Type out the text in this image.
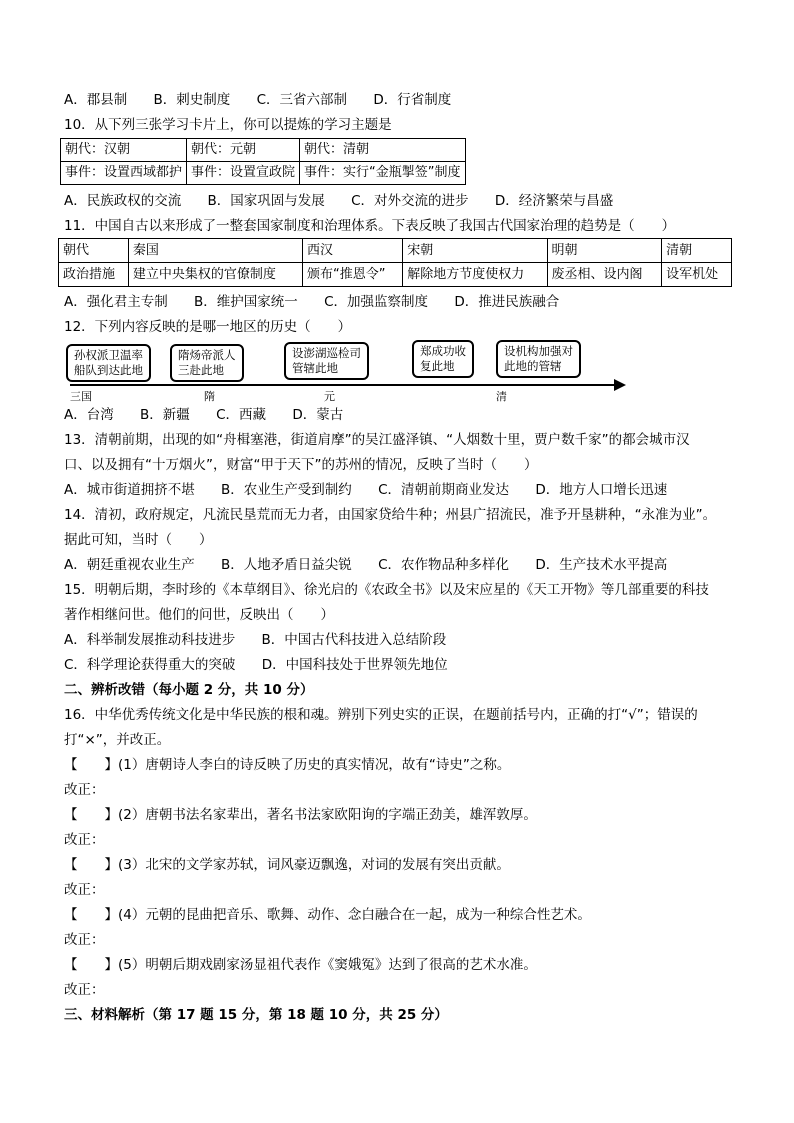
A．郡县制 B．刺史制度 C．三省六部制 D．行省制度
10．从下列三张学习卡片上，你可以提炼的学习主题是
朝代：汉朝	朝代：元朝	朝代：清朝
事件：设置西域都护	事件：设置宣政院	事件：实行“金瓶掣签”制度
A．民族政权的交流 B．国家巩固与发展 C．对外交流的进步 D．经济繁荣与昌盛
11．中国自古以来形成了一整套国家制度和治理体系。下表反映了我国古代国家治理的趋势是（　　）
朝代	秦国	西汉	宋朝	明朝	清朝
政治措施	建立中央集权的官僚制度	颁布“推恩令”	解除地方节度使权力	废丞相、设内阁	设军机处
A．强化君主专制 B．维护国家统一 C．加强监察制度 D．推进民族融合
12．下列内容反映的是哪一地区的历史（　　）
孙权派卫温率
船队到达此地
隋炀帝派人
三赴此地
设澎湖巡检司
管辖此地
郑成功收
复此地
设机构加强对
此地的管辖
三国	隋	元	清
A．台湾 B．新疆 C．西藏 D．蒙古
13．清朝前期，出现的如“舟楫塞港，街道肩摩”的吴江盛泽镇、“人烟数十里，贾户数千家”的都会城市汉
口、以及拥有“十万烟火”，财富“甲于天下”的苏州的情况，反映了当时（　　）
A．城市街道拥挤不堪 B．农业生产受到制约 C．清朝前期商业发达 D．地方人口增长迅速
14．清初，政府规定，凡流民垦荒而无力者，由国家贷给牛种；州县广招流民，准予开垦耕种，“永准为业”。
据此可知，当时（　　）
A．朝廷重视农业生产 B．人地矛盾日益尖锐 C．农作物品种多样化 D．生产技术水平提高
15．明朝后期，李时珍的《本草纲目》、徐光启的《农政全书》以及宋应星的《天工开物》等几部重要的科技
著作相继问世。他们的问世，反映出（　　）
A．科举制发展推动科技进步 B．中国古代科技进入总结阶段
C．科学理论获得重大的突破 D．中国科技处于世界领先地位
二、辨析改错（每小题 2 分，共 10 分）
16．中华优秀传统文化是中华民族的根和魂。辨别下列史实的正误，在题前括号内，正确的打“√”；错误的
打“×”，并改正。
【　　】(1）唐朝诗人李白的诗反映了历史的真实情况，故有“诗史”之称。
改正：
【　　】(2）唐朝书法名家辈出，著名书法家欧阳询的字端正劲美，雄浑敦厚。
改正：
【　　】(3）北宋的文学家苏轼，词风豪迈飘逸，对词的发展有突出贡献。
改正：
【　　】(4）元朝的昆曲把音乐、歌舞、动作、念白融合在一起，成为一种综合性艺术。
改正：
【　　】(5）明朝后期戏剧家汤显祖代表作《窦娥冤》达到了很高的艺术水准。
改正：
三、材料解析（第 17 题 15 分，第 18 题 10 分，共 25 分）
